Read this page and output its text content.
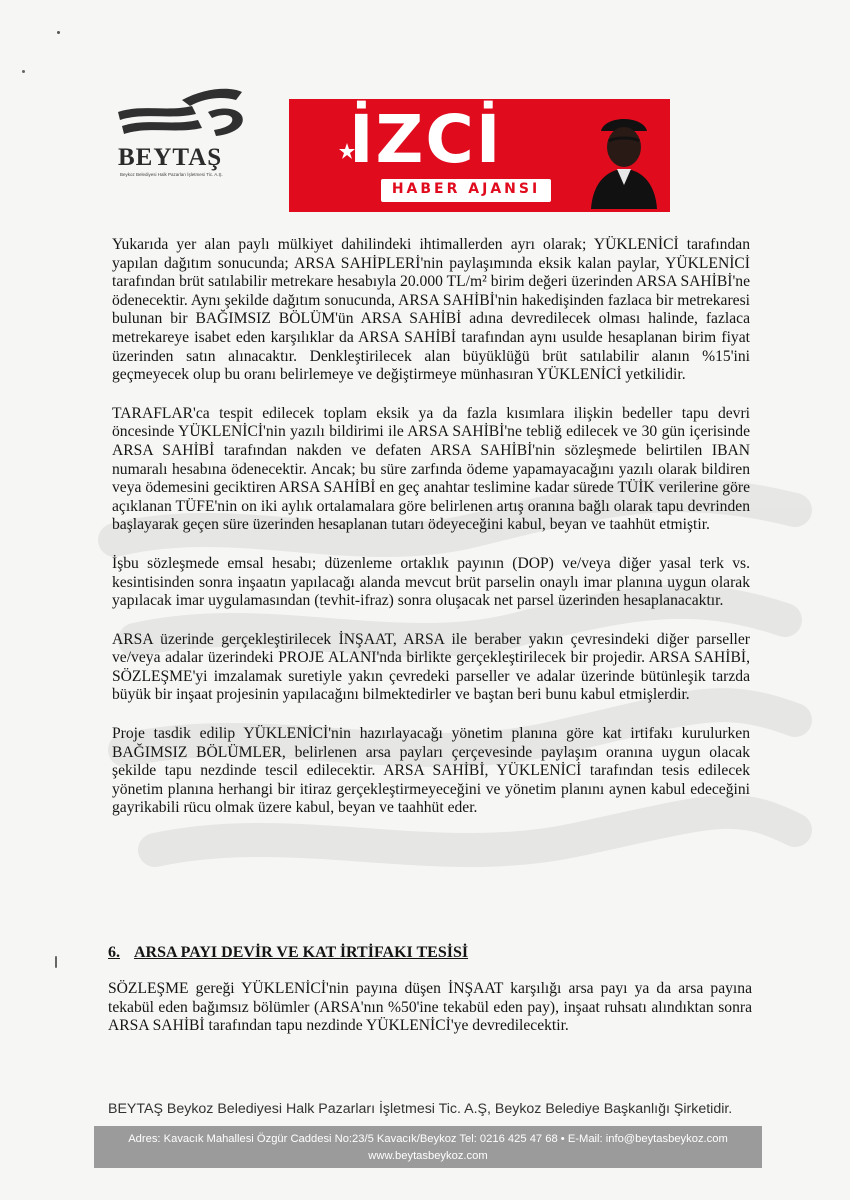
BEYTAŞ
Beykoz Belediyesi Halk Pazarları İşletmesi Tic. A.Ş. İZCİ
HABER AJANSI

Yukarıda yer alan paylı mülkiyet dahilindeki ihtimallerden ayrı olarak; YÜKLENİCİ tarafından yapılan dağıtım sonucunda; ARSA SAHİPLERİ'nin paylaşımında eksik kalan paylar, YÜKLENİCİ tarafından brüt satılabilir metrekare hesabıyla 20.000 TL/m² birim değeri üzerinden ARSA SAHİBİ'ne ödenecektir. Aynı şekilde dağıtım sonucunda, ARSA SAHİBİ'nin hakedişinden fazlaca bir metrekaresi bulunan bir BAĞIMSIZ BÖLÜM'ün ARSA SAHİBİ adına devredilecek olması halinde, fazlaca metrekareye isabet eden karşılıklar da ARSA SAHİBİ tarafından aynı usulde hesaplanan birim fiyat üzerinden satın alınacaktır. Denkleştirilecek alan büyüklüğü brüt satılabilir alanın %15'ini geçmeyecek olup bu oranı belirlemeye ve değiştirmeye münhasıran YÜKLENİCİ yetkilidir.

TARAFLAR'ca tespit edilecek toplam eksik ya da fazla kısımlara ilişkin bedeller tapu devri öncesinde YÜKLENİCİ'nin yazılı bildirimi ile ARSA SAHİBİ'ne tebliğ edilecek ve 30 gün içerisinde ARSA SAHİBİ tarafından nakden ve defaten ARSA SAHİBİ'nin sözleşmede belirtilen IBAN numaralı hesabına ödenecektir. Ancak; bu süre zarfında ödeme yapamayacağını yazılı olarak bildiren veya ödemesini geciktiren ARSA SAHİBİ en geç anahtar teslimine kadar sürede TÜİK verilerine göre açıklanan TÜFE'nin on iki aylık ortalamalara göre belirlenen artış oranına bağlı olarak tapu devrinden başlayarak geçen süre üzerinden hesaplanan tutarı ödeyeceğini kabul, beyan ve taahhüt etmiştir.

İşbu sözleşmede emsal hesabı; düzenleme ortaklık payının (DOP) ve/veya diğer yasal terk vs. kesintisinden sonra inşaatın yapılacağı alanda mevcut brüt parselin onaylı imar planına uygun olarak yapılacak imar uygulamasından (tevhit-ifraz) sonra oluşacak net parsel üzerinden hesaplanacaktır.

ARSA üzerinde gerçekleştirilecek İNŞAAT, ARSA ile beraber yakın çevresindeki diğer parseller ve/veya adalar üzerindeki PROJE ALANI'nda birlikte gerçekleştirilecek bir projedir. ARSA SAHİBİ, SÖZLEŞME'yi imzalamak suretiyle yakın çevredeki parseller ve adalar üzerinde bütünleşik tarzda büyük bir inşaat projesinin yapılacağını bilmektedirler ve baştan beri bunu kabul etmişlerdir.

Proje tasdik edilip YÜKLENİCİ'nin hazırlayacağı yönetim planına göre kat irtifakı kurulurken BAĞIMSIZ BÖLÜMLER, belirlenen arsa payları çerçevesinde paylaşım oranına uygun olacak şekilde tapu nezdinde tescil edilecektir. ARSA SAHİBİ, YÜKLENİCİ tarafından tesis edilecek yönetim planına herhangi bir itiraz gerçekleştirmeyeceğini ve yönetim planını aynen kabul edeceğini gayrikabili rücu olmak üzere kabul, beyan ve taahhüt eder.

6. ARSA PAYI DEVİR VE KAT İRTİFAKI TESİSİ

SÖZLEŞME gereği YÜKLENİCİ'nin payına düşen İNŞAAT karşılığı arsa payı ya da arsa payına tekabül eden bağımsız bölümler (ARSA'nın %50'ine tekabül eden pay), inşaat ruhsatı alındıktan sonra ARSA SAHİBİ tarafından tapu nezdinde YÜKLENİCİ'ye devredilecektir.

BEYTAŞ Beykoz Belediyesi Halk Pazarları İşletmesi Tic. A.Ş, Beykoz Belediye Başkanlığı Şirketidir.
Adres: Kavacık Mahallesi Özgür Caddesi No:23/5 Kavacık/Beykoz Tel: 0216 425 47 68 • E-Mail: info@beytasbeykoz.com
www.beytasbeykoz.com
